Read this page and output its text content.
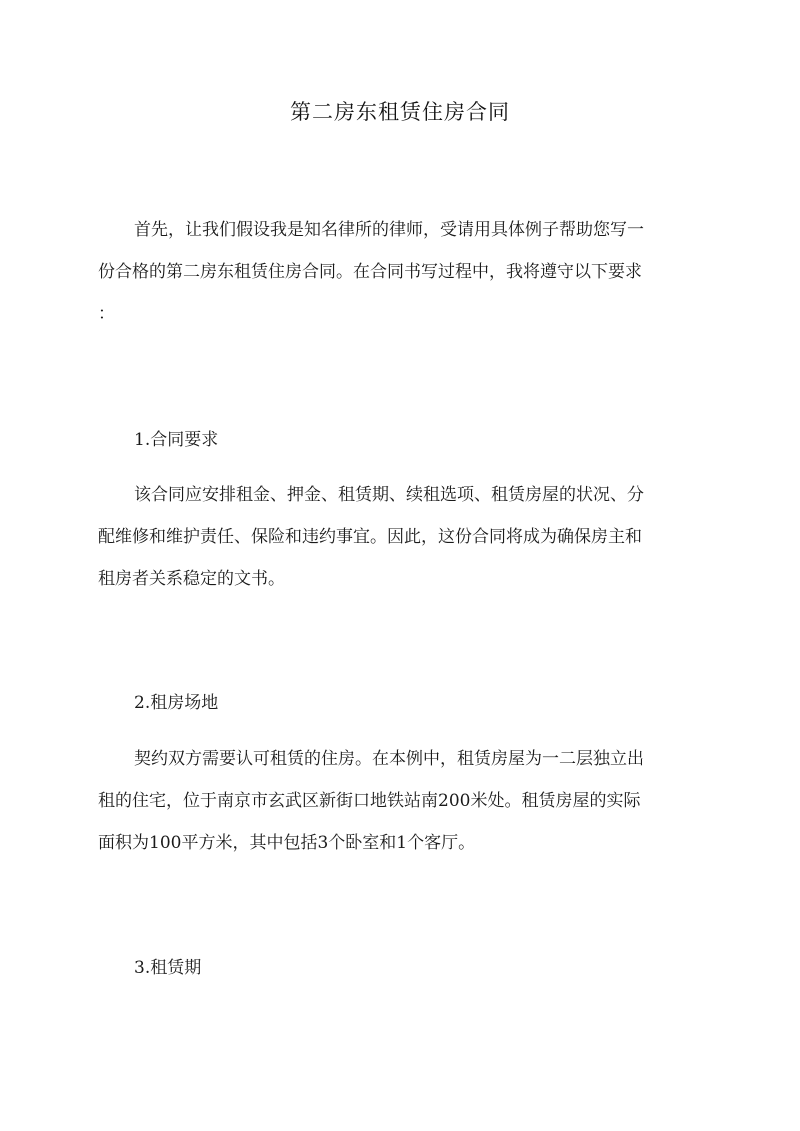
第二房东租赁住房合同
首先，让我们假设我是知名律所的律师，受请用具体例子帮助您写一
份合格的第二房东租赁住房合同。在合同书写过程中，我将遵守以下要求
：
1.合同要求
该合同应安排租金、押金、租赁期、续租选项、租赁房屋的状况、分
配维修和维护责任、保险和违约事宜。因此，这份合同将成为确保房主和
租房者关系稳定的文书。
2.租房场地
契约双方需要认可租赁的住房。在本例中，租赁房屋为一二层独立出
租的住宅，位于南京市玄武区新街口地铁站南200米处。租赁房屋的实际
面积为100平方米，其中包括3个卧室和1个客厅。
3.租赁期
